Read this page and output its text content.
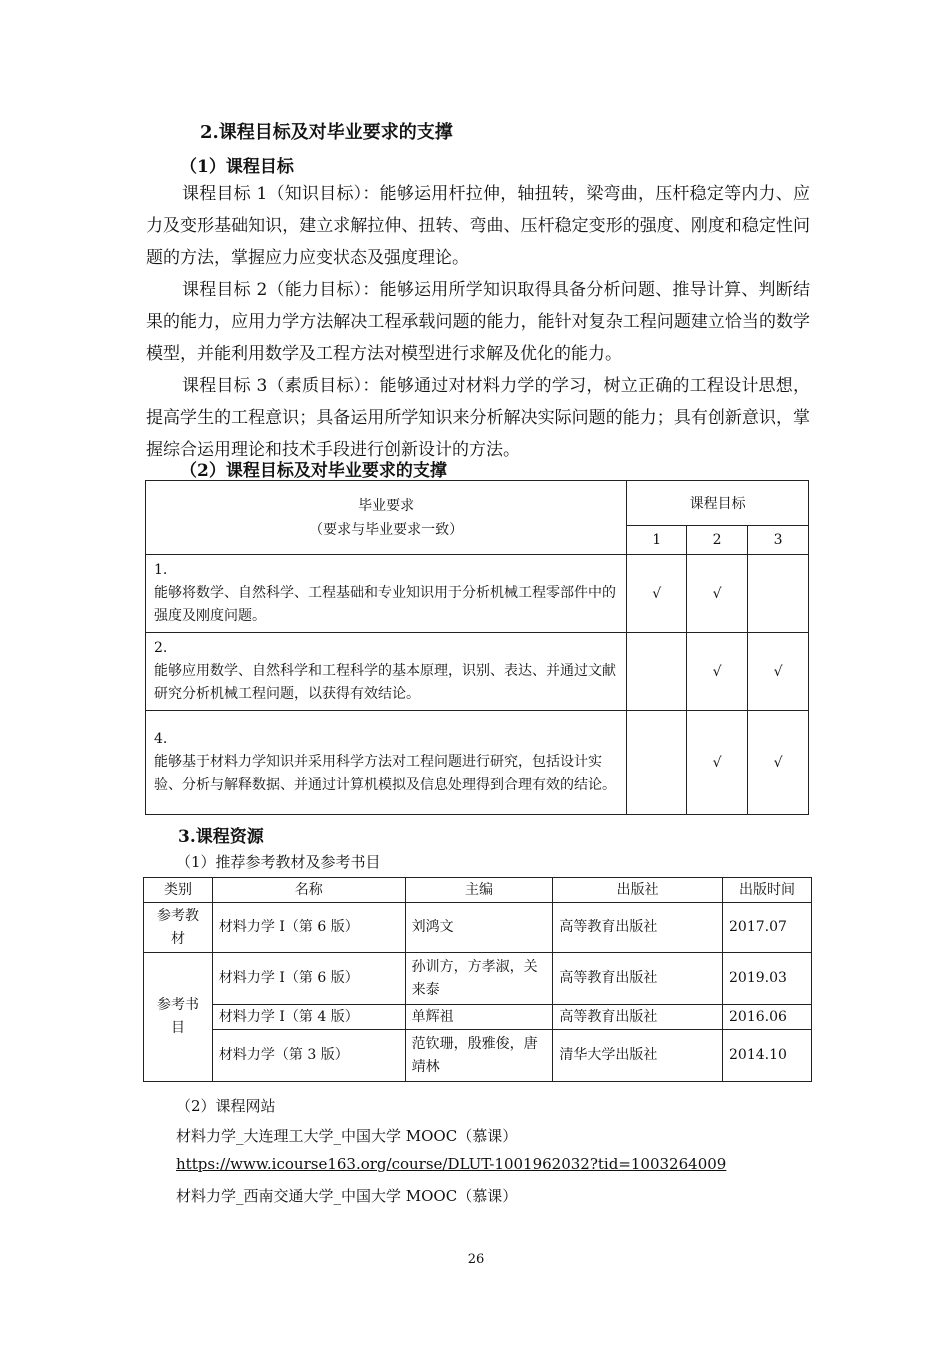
2.课程目标及对毕业要求的支撑
（1）课程目标
课程目标 1（知识目标）：能够运用杆拉伸，轴扭转，梁弯曲，压杆稳定等内力、应力及变形基础知识，建立求解拉伸、扭转、弯曲、压杆稳定变形的强度、刚度和稳定性问题的方法，掌握应力应变状态及强度理论。
课程目标 2（能力目标）：能够运用所学知识取得具备分析问题、推导计算、判断结果的能力，应用力学方法解决工程承载问题的能力，能针对复杂工程问题建立恰当的数学模型，并能利用数学及工程方法对模型进行求解及优化的能力。
课程目标 3（素质目标）：能够通过对材料力学的学习，树立正确的工程设计思想，提高学生的工程意识；具备运用所学知识来分析解决实际问题的能力；具有创新意识，掌握综合运用理论和技术手段进行创新设计的方法。
（2）课程目标及对毕业要求的支撑
毕业要求
（要求与毕业要求一致）	课程目标		
	1	2	3

1.
能够将数学、自然科学、工程基础和专业知识用于分析机械工程零部件中的强度及刚度问题。	√	√	

2.
能够应用数学、自然科学和工程科学的基本原理，识别、表达、并通过文献研究分析机械工程问题，以获得有效结论。		√	√

4.
能够基于材料力学知识并采用科学方法对工程问题进行研究，包括设计实验、分析与解释数据、并通过计算机模拟及信息处理得到合理有效的结论。		√	√
3.课程资源
（1）推荐参考教材及参考书目
类别	名称	主编	出版社	出版时间
参考教材	材料力学 I（第 6 版）	刘鸿文	高等教育出版社	2017.07
参考书目	材料力学 I（第 6 版）	孙训方，方孝淑，关来泰	高等教育出版社	2019.03
	材料力学 I（第 4 版）	单辉祖	高等教育出版社	2016.06
	材料力学（第 3 版）	范钦珊，殷雅俊，唐靖林	清华大学出版社	2014.10
（2）课程网站
材料力学_大连理工大学_中国大学 MOOC（慕课）
https://www.icourse163.org/course/DLUT-1001962032?tid=1003264009
材料力学_西南交通大学_中国大学 MOOC（慕课）
26
